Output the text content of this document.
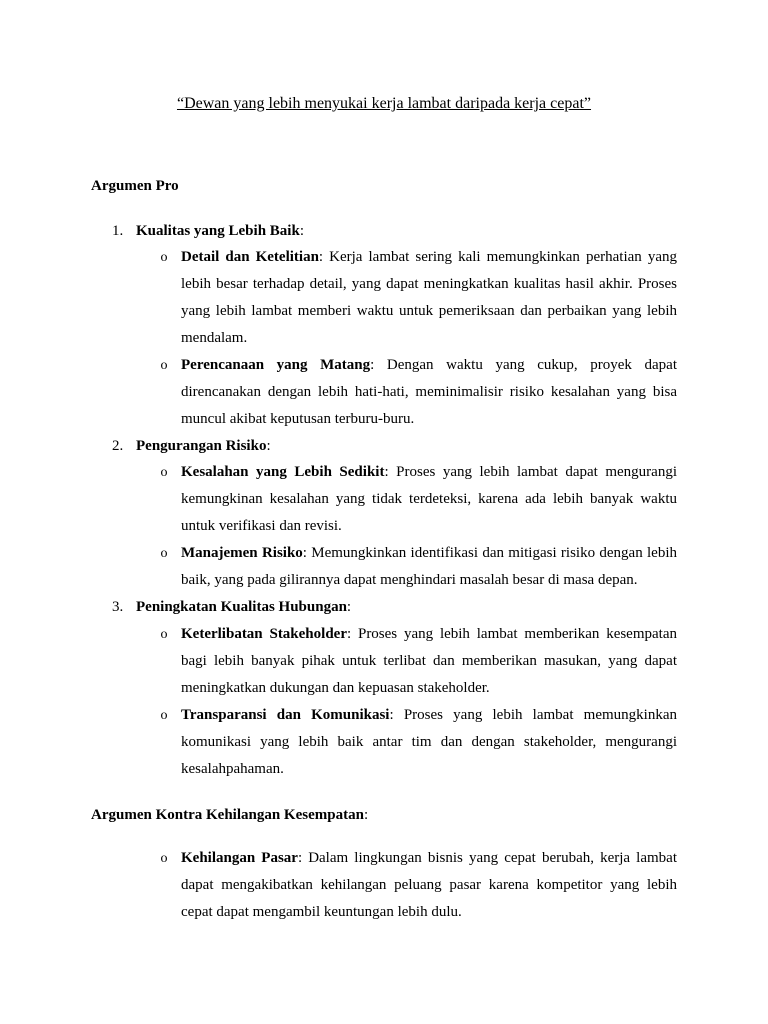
“Dewan yang lebih menyukai kerja lambat daripada kerja cepat”
Argumen Pro
1. Kualitas yang Lebih Baik:
o Detail dan Ketelitian: Kerja lambat sering kali memungkinkan perhatian yang lebih besar terhadap detail, yang dapat meningkatkan kualitas hasil akhir. Proses yang lebih lambat memberi waktu untuk pemeriksaan dan perbaikan yang lebih mendalam.
o Perencanaan yang Matang: Dengan waktu yang cukup, proyek dapat direncanakan dengan lebih hati-hati, meminimalisir risiko kesalahan yang bisa muncul akibat keputusan terburu-buru.
2. Pengurangan Risiko:
o Kesalahan yang Lebih Sedikit: Proses yang lebih lambat dapat mengurangi kemungkinan kesalahan yang tidak terdeteksi, karena ada lebih banyak waktu untuk verifikasi dan revisi.
o Manajemen Risiko: Memungkinkan identifikasi dan mitigasi risiko dengan lebih baik, yang pada gilirannya dapat menghindari masalah besar di masa depan.
3. Peningkatan Kualitas Hubungan:
o Keterlibatan Stakeholder: Proses yang lebih lambat memberikan kesempatan bagi lebih banyak pihak untuk terlibat dan memberikan masukan, yang dapat meningkatkan dukungan dan kepuasan stakeholder.
o Transparansi dan Komunikasi: Proses yang lebih lambat memungkinkan komunikasi yang lebih baik antar tim dan dengan stakeholder, mengurangi kesalahpahaman.
Argumen Kontra Kehilangan Kesempatan:
o Kehilangan Pasar: Dalam lingkungan bisnis yang cepat berubah, kerja lambat dapat mengakibatkan kehilangan peluang pasar karena kompetitor yang lebih cepat dapat mengambil keuntungan lebih dulu.
